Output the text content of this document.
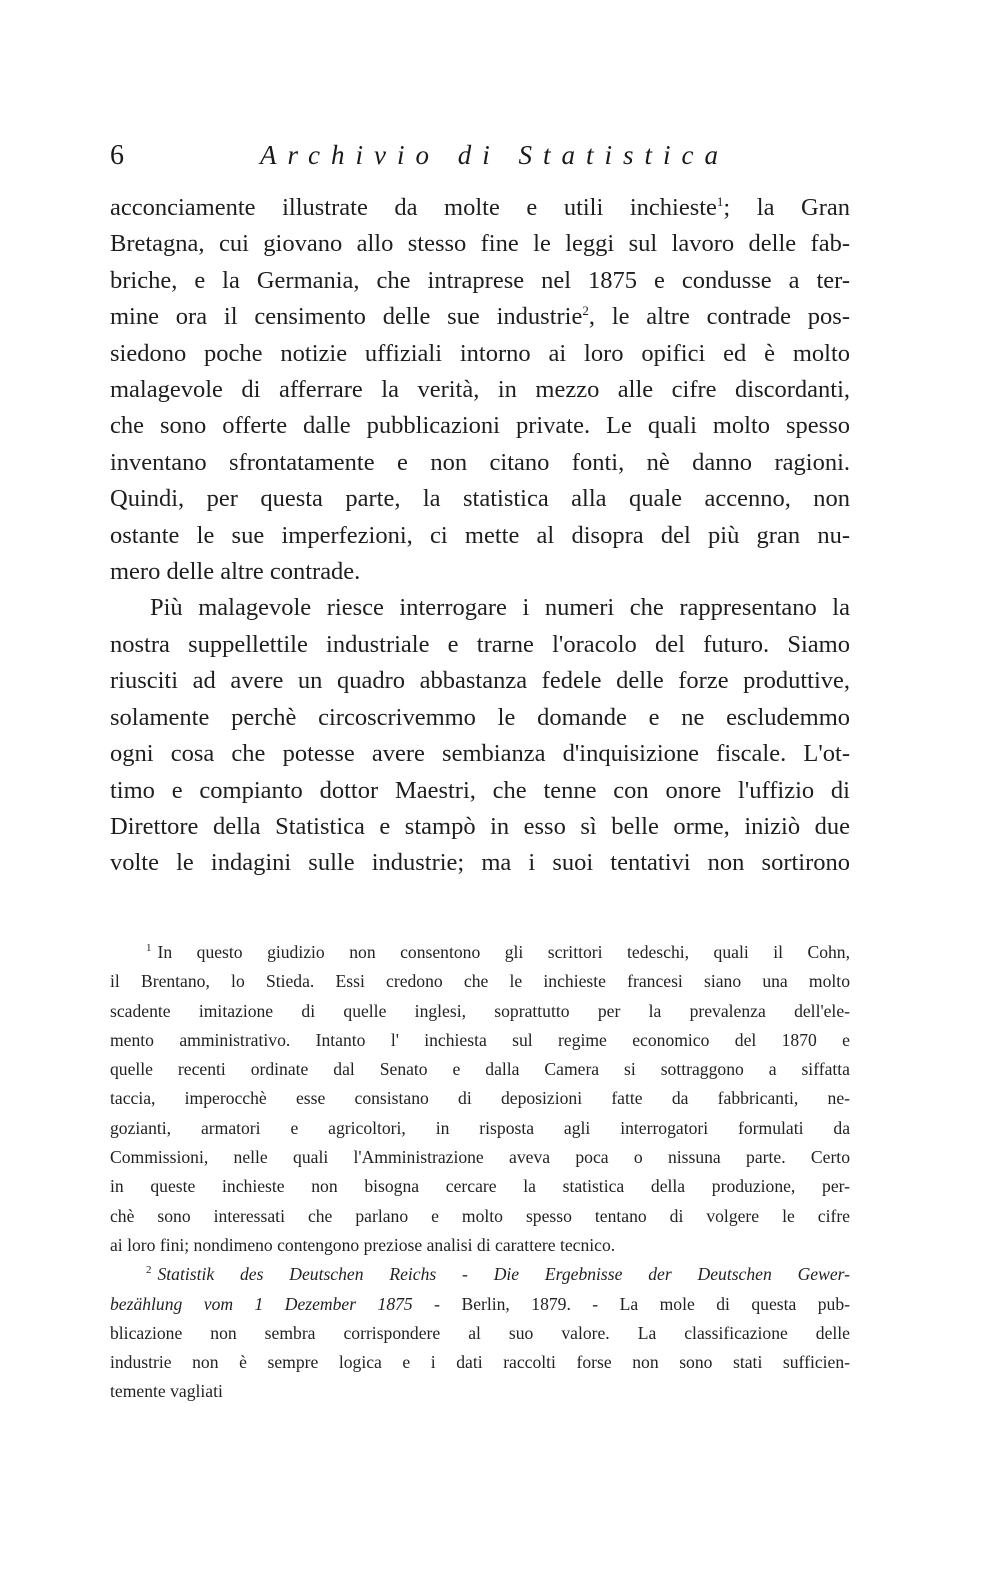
6	Archivio di Statistica

acconciamente illustrate da molte e utili inchieste$^1$; la Gran
Bretagna, cui giovano allo stesso fine le leggi sul lavoro delle fab-
briche, e la Germania, che intraprese nel 1875 e condusse a ter-
mine ora il censimento delle sue industrie$^2$, le altre contrade pos-
siedono poche notizie uffiziali intorno ai loro opifici ed è molto
malagevole di afferrare la verità, in mezzo alle cifre discordanti,
che sono offerte dalle pubblicazioni private. Le quali molto spesso
inventano sfrontatamente e non citano fonti, nè danno ragioni.
Quindi, per questa parte, la statistica alla quale accenno, non
ostante le sue imperfezioni, ci mette al disopra del più gran nu-
mero delle altre contrade.

Più malagevole riesce interrogare i numeri che rappresentano la
nostra suppellettile industriale e trarne l'oracolo del futuro. Siamo
riusciti ad avere un quadro abbastanza fedele delle forze produttive,
solamente perchè circoscrivemmo le domande e ne escludemmo
ogni cosa che potesse avere sembianza d'inquisizione fiscale. L'ot-
timo e compianto dottor Maestri, che tenne con onore l'uffizio di
Direttore della Statistica e stampò in esso sì belle orme, iniziò due
volte le indagini sulle industrie; ma i suoi tentativi non sortirono

$^1$ In questo giudizio non consentono gli scrittori tedeschi, quali il Cohn,
il Brentano, lo Stieda. Essi credono che le inchieste francesi siano una molto
scadente imitazione di quelle inglesi, soprattutto per la prevalenza dell'ele-
mento amministrativo. Intanto l' inchiesta sul regime economico del 1870 e
quelle recenti ordinate dal Senato e dalla Camera si sottraggono a siffatta
taccia, imperocchè esse consistano di deposizioni fatte da fabbricanti, ne-
gozianti, armatori e agricoltori, in risposta agli interrogatori formulati da
Commissioni, nelle quali l'Amministrazione aveva poca o nissuna parte. Certo
in queste inchieste non bisogna cercare la statistica della produzione, per-
chè sono interessati che parlano e molto spesso tentano di volgere le cifre
ai loro fini; nondimeno contengono preziose analisi di carattere tecnico.

$^2$ Statistik des Deutschen Reichs - Die Ergebnisse der Deutschen Gewer-
bezählung vom 1 Dezember 1875 - Berlin, 1879. - La mole di questa pub-
blicazione non sembra corrispondere al suo valore. La classificazione delle
industrie non è sempre logica e i dati raccolti forse non sono stati sufficien-
temente vagliati
